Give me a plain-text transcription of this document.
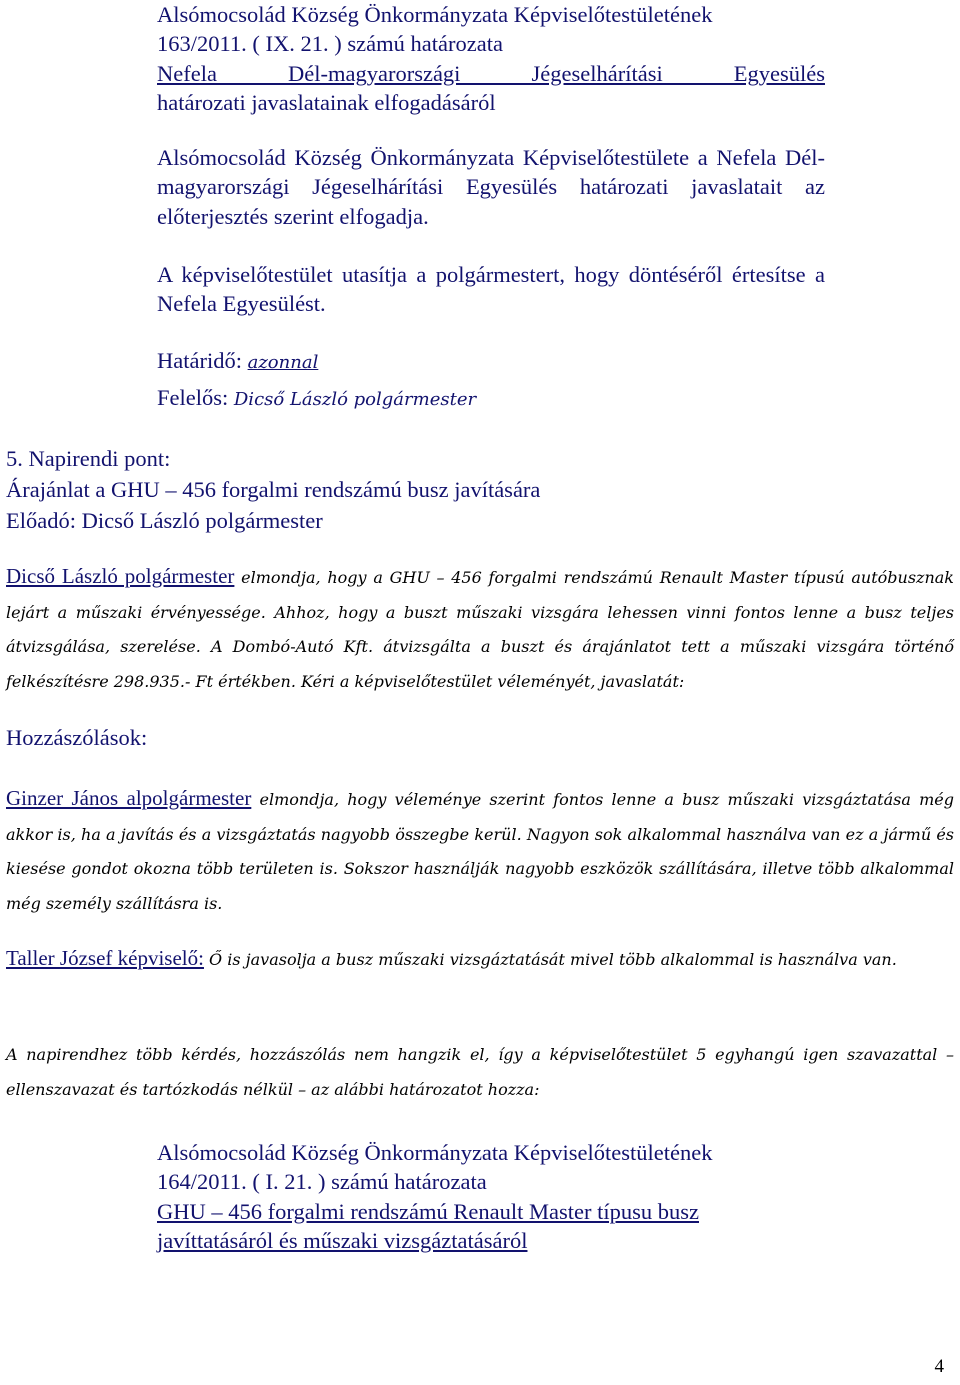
Alsómocsolád Község Önkormányzata Képviselőtestületének
163/2011. ( IX. 21. ) számú határozata
Nefela Dél-magyarországi Jégeselhárítási Egyesülés
határozati javaslatainak elfogadásáról

Alsómocsolád Község Önkormányzata Képviselőtestülete a Nefela Dél-magyarországi Jégeselhárítási Egyesülés határozati javaslatait az előterjesztés szerint elfogadja.

A képviselőtestület utasítja a polgármestert, hogy döntéséről értesítse a Nefela Egyesülést.

Határidő: azonnal
Felelős: Dicső László polgármester
5. Napirendi pont:
Árajánlat a GHU – 456 forgalmi rendszámú busz javítására
Előadó: Dicső László polgármester

Dicső László polgármester elmondja, hogy a GHU – 456 forgalmi rendszámú Renault Master típusú autóbusznak lejárt a műszaki érvényessége. Ahhoz, hogy a buszt műszaki vizsgára lehessen vinni fontos lenne a busz teljes átvizsgálása, szerelése. A Dombó-Autó Kft. átvizsgálta a buszt és árajánlatot tett a műszaki vizsgára történő felkészítésre 298.935.- Ft értékben. Kéri a képviselőtestület véleményét, javaslatát:

Hozzászólások:

Ginzer János alpolgármester elmondja, hogy véleménye szerint fontos lenne a busz műszaki vizsgáztatása még akkor is, ha a javítás és a vizsgáztatás nagyobb összegbe kerül. Nagyon sok alkalommal használva van ez a jármű és kiesése gondot okozna több területen is. Sokszor használják nagyobb eszközök szállítására, illetve több alkalommal még személy szállításra is.

Taller József képviselő: Ő is javasolja a busz műszaki vizsgáztatását mivel több alkalommal is használva van.

A napirendhez több kérdés, hozzászólás nem hangzik el, így a képviselőtestület 5 egyhangú igen szavazattal – ellenszavazat és tartózkodás nélkül – az alábbi határozatot hozza:

Alsómocsolád Község Önkormányzata Képviselőtestületének
164/2011. ( I. 21. ) számú határozata
GHU – 456 forgalmi rendszámú Renault Master típusu busz
javíttatásáról és műszaki vizsgáztatásáról
4
